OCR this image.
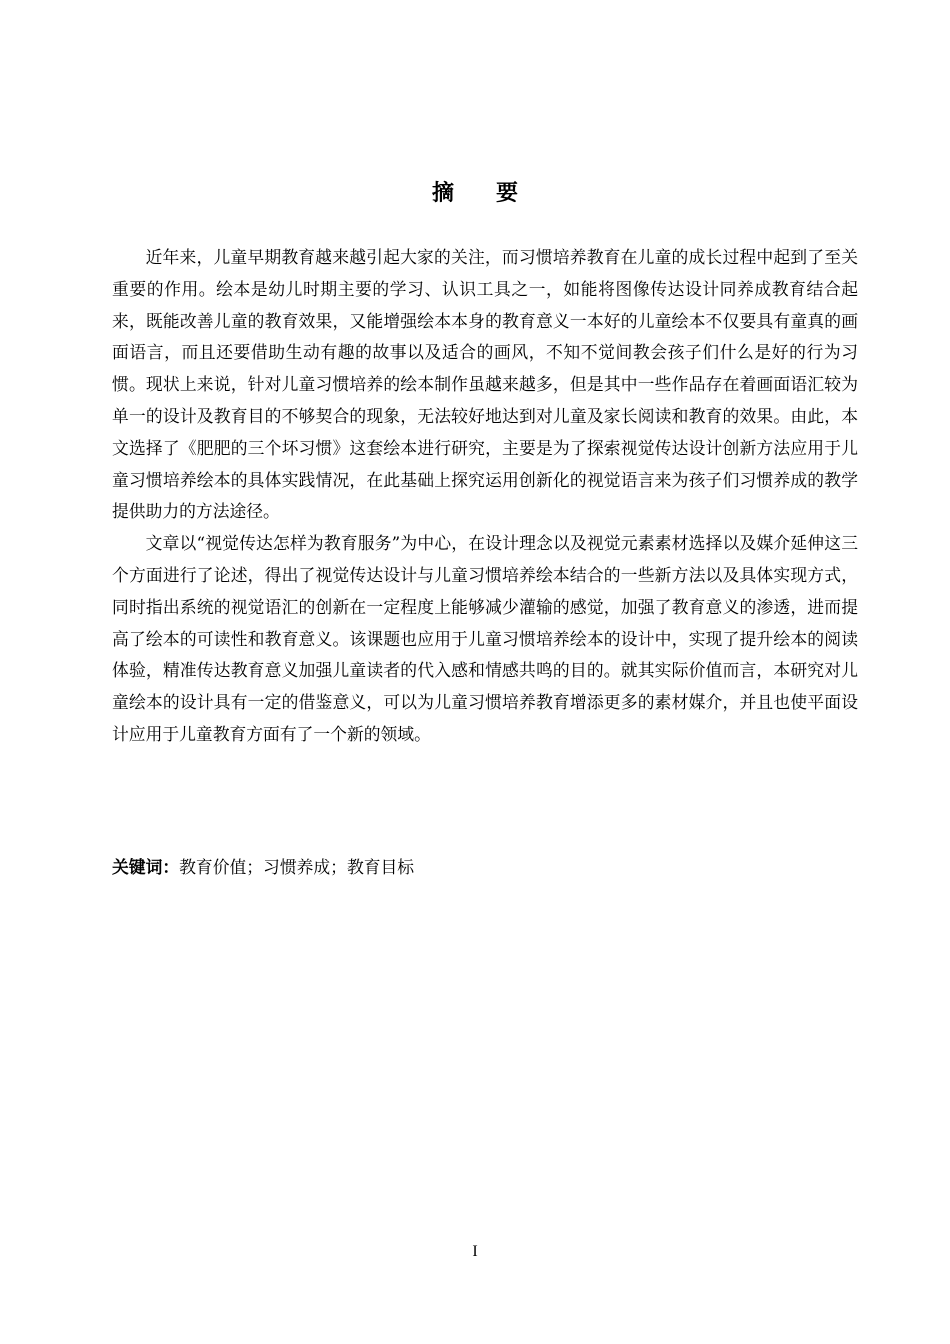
摘要

近年来，儿童早期教育越来越引起大家的关注，而习惯培养教育在儿童的成长过程中起到了至关重要的作用。绘本是幼儿时期主要的学习、认识工具之一，如能将图像传达设计同养成教育结合起来，既能改善儿童的教育效果，又能增强绘本本身的教育意义一本好的儿童绘本不仅要具有童真的画面语言，而且还要借助生动有趣的故事以及适合的画风，不知不觉间教会孩子们什么是好的行为习惯。现状上来说，针对儿童习惯培养的绘本制作虽越来越多，但是其中一些作品存在着画面语汇较为单一的设计及教育目的不够契合的现象，无法较好地达到对儿童及家长阅读和教育的效果。由此，本文选择了《肥肥的三个坏习惯》这套绘本进行研究，主要是为了探索视觉传达设计创新方法应用于儿童习惯培养绘本的具体实践情况，在此基础上探究运用创新化的视觉语言来为孩子们习惯养成的教学提供助力的方法途径。

文章以“视觉传达怎样为教育服务”为中心，在设计理念以及视觉元素素材选择以及媒介延伸这三个方面进行了论述，得出了视觉传达设计与儿童习惯培养绘本结合的一些新方法以及具体实现方式，同时指出系统的视觉语汇的创新在一定程度上能够减少灌输的感觉，加强了教育意义的渗透，进而提高了绘本的可读性和教育意义。该课题也应用于儿童习惯培养绘本的设计中，实现了提升绘本的阅读体验，精准传达教育意义加强儿童读者的代入感和情感共鸣的目的。就其实际价值而言，本研究对儿童绘本的设计具有一定的借鉴意义，可以为儿童习惯培养教育增添更多的素材媒介，并且也使平面设计应用于儿童教育方面有了一个新的领域。

关键词：教育价值；习惯养成；教育目标
I
